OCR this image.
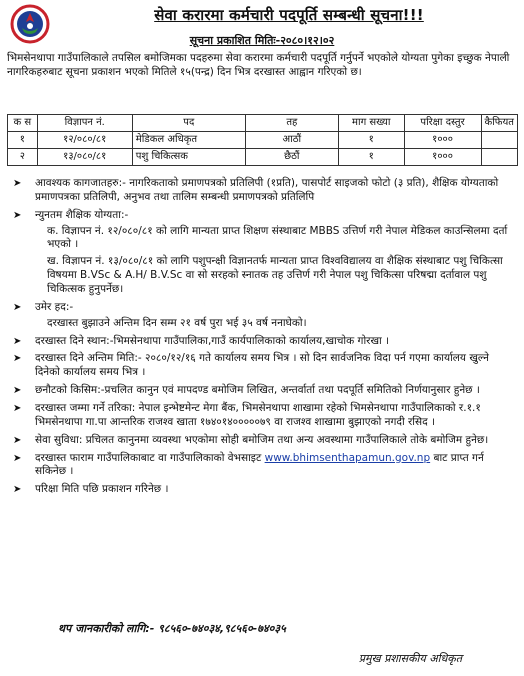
सेवा करारमा कर्मचारी पदपूर्ति सम्बन्धी सूचना!!!
सूचना प्रकाशित मितिः-२०८०।१२।०२
भिमसेनथापा गाउँपालिकाले तपसिल बमोजिमका पदहरुमा सेवा करारमा कर्मचारी पदपूर्ति गर्नुपर्ने भएकोले योग्यता पुगेका इच्छुक नेपाली नागरिकहरुबाट सूचना प्रकाशन भएको मितिले १५(पन्द्र) दिन भित्र दरखास्त आह्वान गरिएको छ।
क स	विज्ञापन नं.	पद	तह	माग सख्या	परिक्षा दस्तुर	कैफियत
१	१२/०८०/८१	मेडिकल अधिकृत	आठौं	१	१०००	
२	१३/०८०/८१	पशु चिकित्सक	छैठौं	१	१०००	
➤ आवश्यक कागजातहरु:- नागरिकताको प्रमाणपत्रको प्रतिलिपी (१प्रति), पासपोर्ट साइजको फोटो (३ प्रति), शैक्षिक योग्यताको प्रमाणपत्रका प्रतिलिपी, अनुभव तथा तालिम सम्बन्धी प्रमाणपत्रको प्रतिलिपि
➤ न्युनतम शैक्षिक योग्यता:-
क. विज्ञापन नं. १२/०८०/८१ को लागि मान्यता प्राप्त शिक्षण संस्थाबाट MBBS उत्तिर्ण गरी नेपाल मेडिकल काउन्सिलमा दर्ता भएको ।
ख. विज्ञापन नं. १३/०८०/८१ को लागि पशुपन्क्षी विज्ञानतर्फ मान्यता प्राप्त विश्वविद्यालय वा शैक्षिक संस्थाबाट पशु चिकित्सा विषयमा B.VSc & A.H/ B.V.Sc वा सो सरहको स्नातक तह उत्तिर्ण गरी नेपाल पशु चिकित्सा परिषद्मा दर्तावाल पशु चिकित्सक हुनुपर्नेछ।
➤ उमेर हद:-
दरखास्त बुझाउने अन्तिम दिन सम्म २१ वर्ष पुरा भई ३५ वर्ष ननाघेको।
➤ दरखास्त दिने स्थान:-भिमसेनथापा गाउँपालिका,गाउँ कार्यपालिकाको कार्यालय,खाचोक गोरखा ।
➤ दरखास्त दिने अन्तिम मिति:- २०८०/१२/१६ गते कार्यालय समय भित्र । सो दिन सार्वजनिक विदा पर्न गएमा कार्यालय खुल्ने दिनेको कार्यालय समय भित्र ।
➤ छनौटको किसिम:-प्रचलित कानुन एवं मापदण्ड बमोजिम लिखित, अन्तर्वार्ता तथा पदपूर्ति समितिको निर्णयानुसार हुनेछ ।
➤ दरखास्त जम्मा गर्ने तरिका: नेपाल इन्भेष्टमेन्ट मेगा बैंक, भिमसेनथापा शाखामा रहेको भिमसेनथापा गाउँपालिकाको र.१.१ भिमसेनथापा गा.पा आन्तरिक राजश्व खाता १७४०१४०००००७९ वा राजश्व शाखामा बुझाएको नगदी रसिद ।
➤ सेवा सुविधा: प्रचिलत कानुनमा व्यवस्था भएकोमा सोही बमोजिम तथा अन्य अवस्थामा गाउँपालिकाले तोके बमोजिम हुनेछ।
➤ दरखास्त फाराम गाउँपालिकाबाट वा गाउँपालिकाको वेभसाइट www.bhimsenthapamun.gov.np बाट प्राप्त गर्न सकिनेछ ।
➤ परिक्षा मिति पछि प्रकाशन गरिनेछ ।
थप जानकारीको लागि:- ९८५६०-७४०३४,९८५६०-७४०३५
प्रमुख प्रशासकीय अधिकृत
